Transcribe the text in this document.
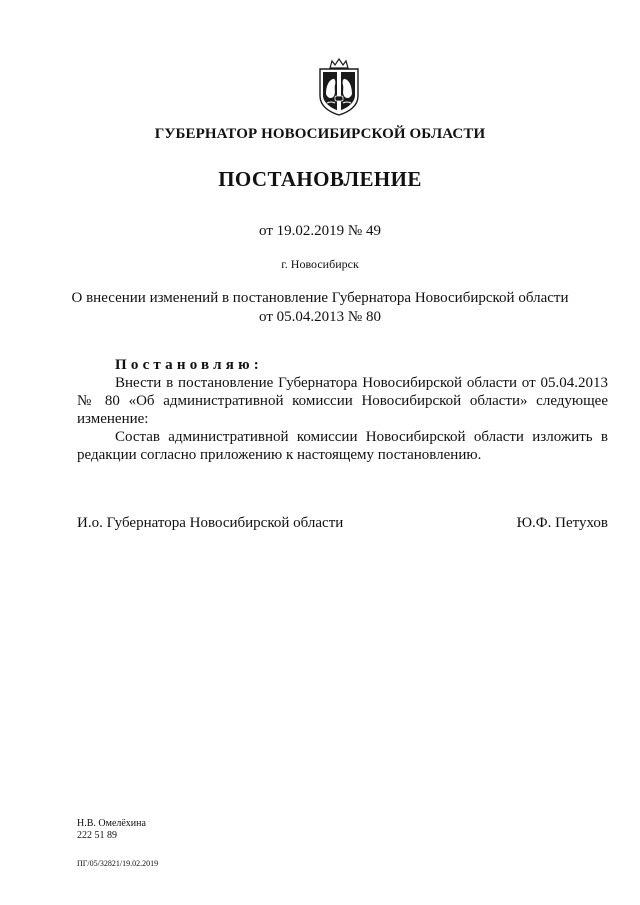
ГУБЕРНАТОР НОВОСИБИРСКОЙ ОБЛАСТИ
ПОСТАНОВЛЕНИЕ
от 19.02.2019 № 49
г. Новосибирск
О внесении изменений в постановление Губернатора Новосибирской области
от 05.04.2013 № 80
Постановляю:

Внести в постановление Губернатора Новосибирской области от 05.04.2013 № 80 «Об административной комиссии Новосибирской области» следующее изменение:

Состав административной комиссии Новосибирской области изложить в редакции согласно приложению к настоящему постановлению.

И.о. Губернатора Новосибирской области	Ю.Ф. Петухов
Н.В. Омелёхина
222 51 89
ПГ/05/32821/19.02.2019
